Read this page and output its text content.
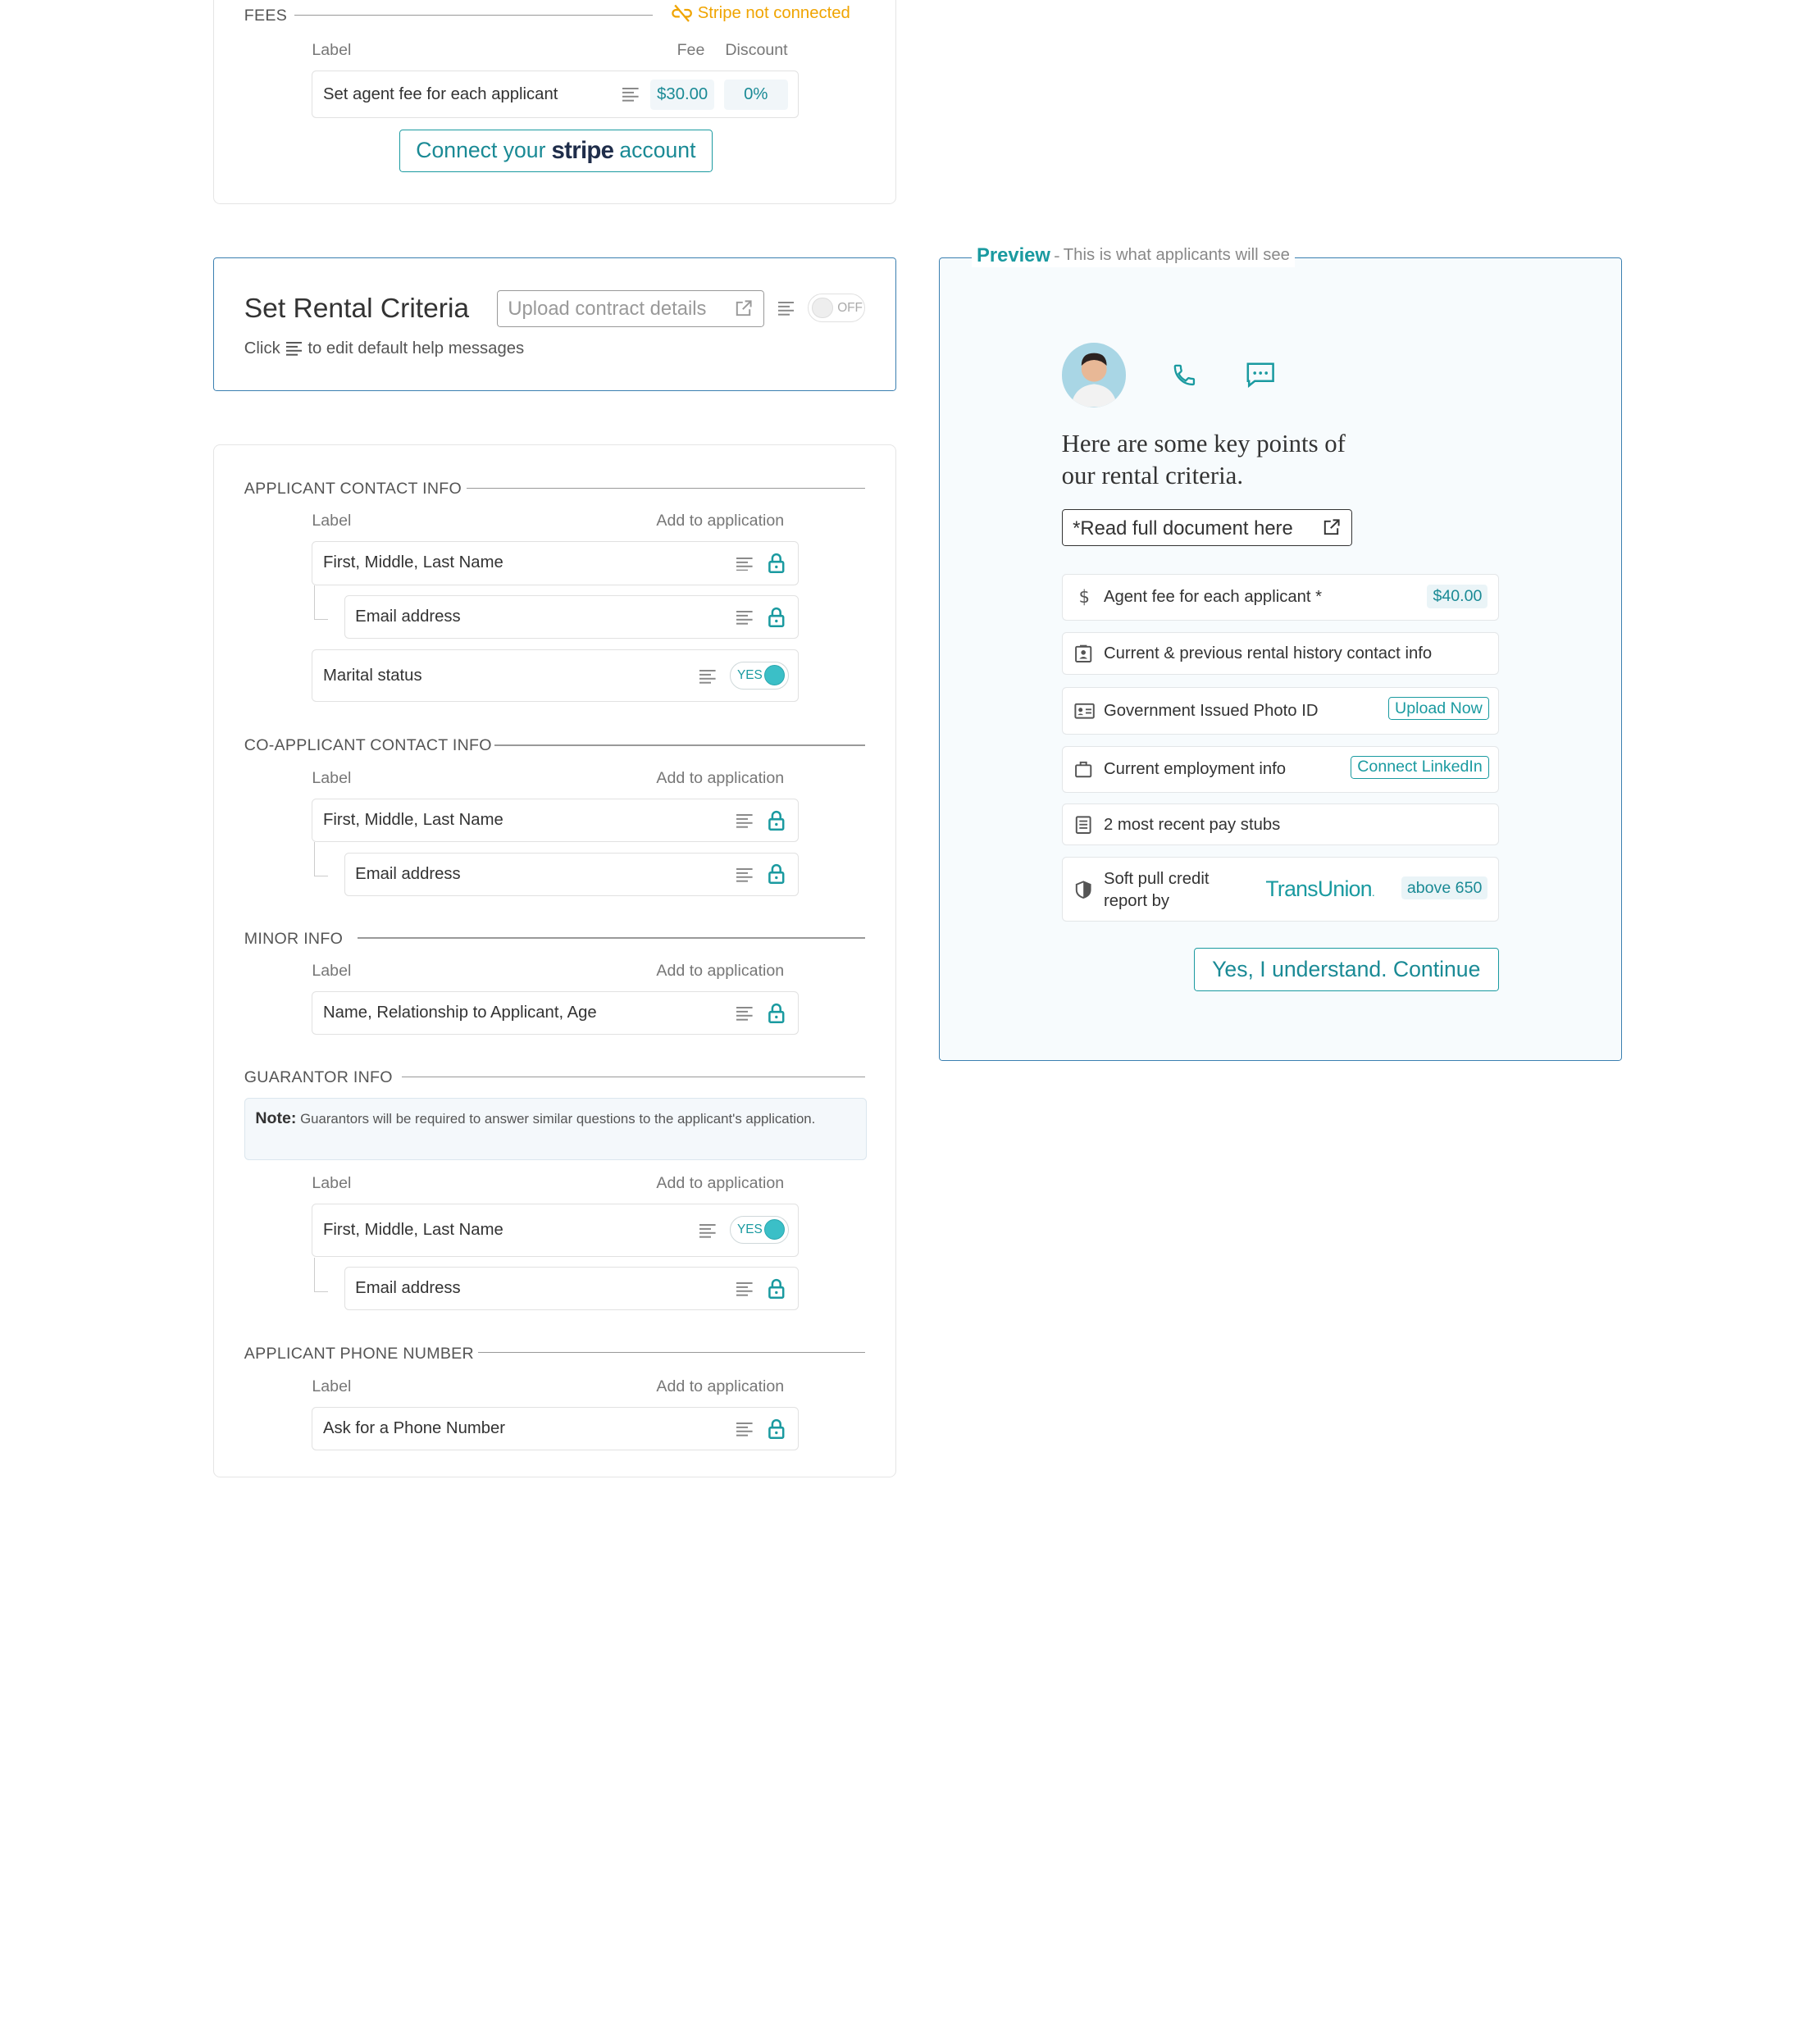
FEES	Stripe not connected
Label	Fee Discount
Set agent fee for each applicant	$30.00	0%
Connect your stripe account
Set Rental Criteria	Upload contract details	OFF
Click to edit default help messages
APPLICANT CONTACT INFO
Label	Add to application
First, Middle, Last Name
Email address
Marital status	YES
CO-APPLICANT CONTACT INFO
Label	Add to application
First, Middle, Last Name
Email address
MINOR INFO
Label	Add to application
Name, Relationship to Applicant, Age
GUARANTOR INFO
Note: Guarantors will be required to answer similar questions to the applicant's application.
Label	Add to application
First, Middle, Last Name	YES
Email address
APPLICANT PHONE NUMBER
Label	Add to application
Ask for a Phone Number
Preview - This is what applicants will see
Here are some key points of
our rental criteria.
*Read full document here
$ Agent fee for each applicant *	$40.00
Current & previous rental history contact info
Government Issued Photo ID	Upload Now
Current employment info	Connect LinkedIn
2 most recent pay stubs
Soft pull credit
report by	TransUnion.	above 650
Yes, I understand. Continue
